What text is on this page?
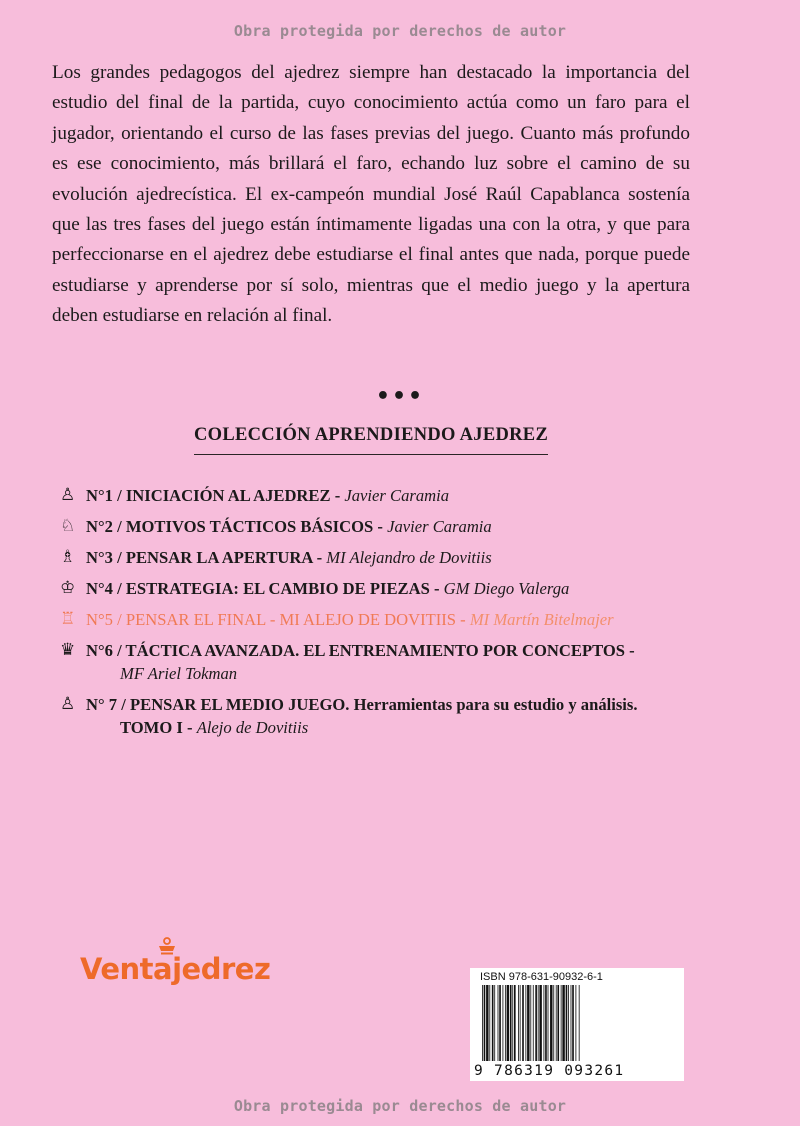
Obra protegida por derechos de autor
Los grandes pedagogos del ajedrez siempre han destacado la importancia del estudio del final de la partida, cuyo conocimiento actúa como un faro para el jugador, orientando el curso de las fases previas del juego. Cuanto más profundo es ese conocimiento, más brillará el faro, echando luz sobre el camino de su evolución ajedrecística. El ex-campeón mundial José Raúl Capablanca sostenía que las tres fases del juego están íntimamente ligadas una con la otra, y que para perfeccionarse en el ajedrez debe estudiarse el final antes que nada, porque puede estudiarse y aprenderse por sí solo, mientras que el medio juego y la apertura deben estudiarse en relación al final.
•••
COLECCIÓN APRENDIENDO AJEDREZ
♙ N°1 / INICIACIÓN AL AJEDREZ - Javier Caramia
♘ N°2 / MOTIVOS TÁCTICOS BÁSICOS - Javier Caramia
♗ N°3 / PENSAR LA APERTURA - MI Alejandro de Dovitiis
♔ N°4 / ESTRATEGIA: EL CAMBIO DE PIEZAS - GM Diego Valerga
♖ N°5 / PENSAR EL FINAL - MI ALEJO DE DOVITIIS - MI Martín Bitelmajer
♛ N°6 / TÁCTICA AVANZADA. EL ENTRENAMIENTO POR CONCEPTOS -
MF Ariel Tokman
♙ N° 7 / PENSAR EL MEDIO JUEGO. Herramientas para su estudio y análisis.
TOMO I - Alejo de Dovitiis
Ventajedrez	ISBN 978-631-90932-6-1
9 786319 093261
Obra protegida por derechos de autor
